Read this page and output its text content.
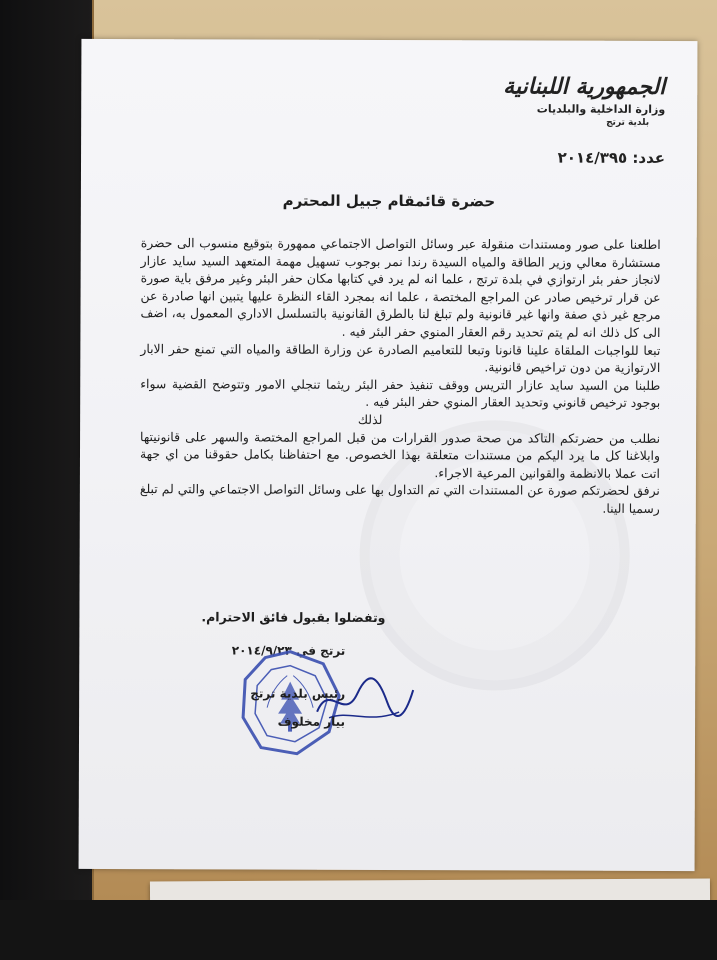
الجمهورية اللبنانية
وزارة الداخلية والبلديات
بلدية ترتج
عدد: ٢٠١٤/٣٩٥
حضرة قائمقام جبيل المحترم

اطلعنا على صور ومستندات منقولة عبر وسائل التواصل الاجتماعي ممهورة بتوقيع منسوب الى حضرة مستشارة معالي وزير الطاقة والمياه السيدة رندا نمر بوجوب تسهيل مهمة المتعهد السيد سايد عازار لانجاز حفر بئر ارتوازي في بلدة ترتج ، علما انه لم يرد في كتابها مكان حفر البئر وغير مرفق باية صورة عن قرار ترخيص صادر عن المراجع المختصة ، علما انه بمجرد القاء النظرة عليها يتبين انها صادرة عن مرجع غير ذي صفة وانها غير قانونية ولم تبلغ لنا بالطرق القانونية بالتسلسل الاداري المعمول به، اضف الى كل ذلك انه لم يتم تحديد رقم العقار المنوي حفر البئر فيه .

تبعا للواجبات الملقاة علينا قانونا وتبعا للتعاميم الصادرة عن وزارة الطاقة والمياه التي تمنع حفر الابار الارتوازية من دون تراخيص قانونية.

طلبنا من السيد سايد عازار التريس ووقف تنفيذ حفر البئر ريثما تنجلي الامور وتتوضح القضية سواء بوجود ترخيص قانوني وتحديد العقار المنوي حفر البئر فيه .

لذلك

نطلب من حضرتكم التاكد من صحة صدور القرارات من قبل المراجع المختصة والسهر على قانونيتها وابلاغنا كل ما يرد اليكم من مستندات متعلقة بهذا الخصوص. مع احتفاظنا بكامل حقوقنا من اي جهة اتت عملا بالانظمة والقوانين المرعية الاجراء.

نرفق لحضرتكم صورة عن المستندات التي تم التداول بها على وسائل التواصل الاجتماعي والتي لم تبلغ رسميا الينا.

وتفضلوا بقبول فائق الاحترام.
ترتج في ٢٠١٤/٩/٢٣
رئيس بلدية ترتج
بيار مخلوف
